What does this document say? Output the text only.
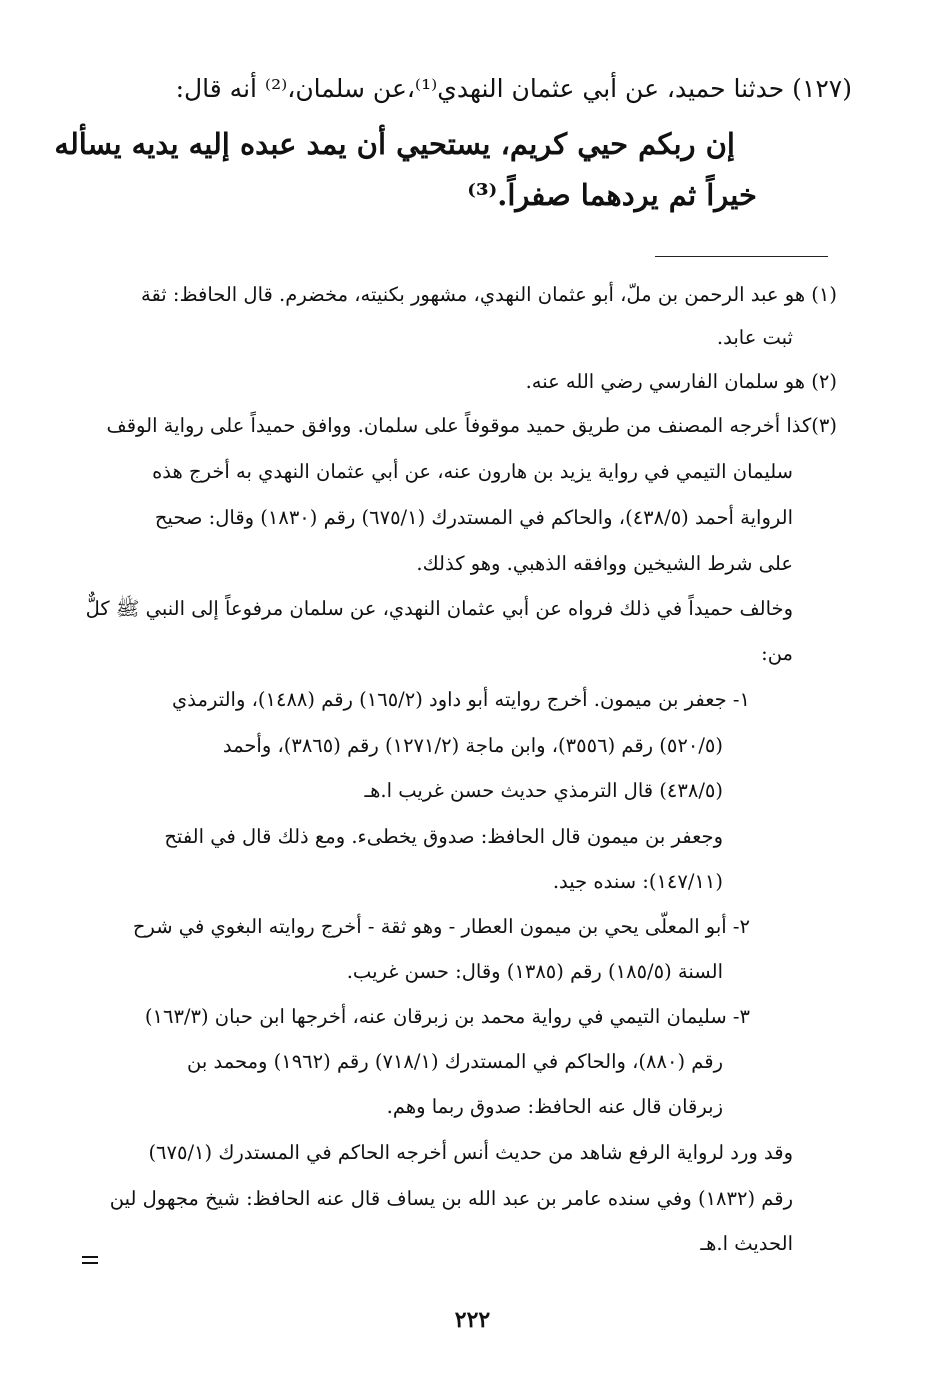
(١٢٧) حدثنا حميد، عن أبي عثمان النهدي⁽¹⁾،عن سلمان،⁽²⁾ أنه قال:
إن ربكم حيي كريم، يستحيي أن يمد عبده إليه يديه يسأله
خيراً ثم يردهما صفراً.⁽³⁾
(١) هو عبد الرحمن بن ملّ، أبو عثمان النهدي، مشهور بكنيته، مخضرم. قال الحافظ: ثقة
ثبت عابد.
(٢) هو سلمان الفارسي رضي الله عنه.
(٣)كذا أخرجه المصنف من طريق حميد موقوفاً على سلمان. ووافق حميداً على رواية الوقف
سليمان التيمي في رواية يزيد بن هارون عنه، عن أبي عثمان النهدي به أخرج هذه
الرواية أحمد (٤٣٨/٥)، والحاكم في المستدرك (٦٧٥/١) رقم (١٨٣٠) وقال: صحيح
على شرط الشيخين ووافقه الذهبي. وهو كذلك.
وخالف حميداً في ذلك فرواه عن أبي عثمان النهدي، عن سلمان مرفوعاً إلى النبي ﷺ كلٌّ
من:
١- جعفر بن ميمون. أخرج روايته أبو داود (١٦٥/٢) رقم (١٤٨٨)، والترمذي
(٥٢٠/٥) رقم (٣٥٥٦)، وابن ماجة (١٢٧١/٢) رقم (٣٨٦٥)، وأحمد
(٤٣٨/٥) قال الترمذي حديث حسن غريب ا.هـ
وجعفر بن ميمون قال الحافظ: صدوق يخطىء. ومع ذلك قال في الفتح
(١٤٧/١١): سنده جيد.
٢- أبو المعلّى يحي بن ميمون العطار - وهو ثقة - أخرج روايته البغوي في شرح
السنة (١٨٥/٥) رقم (١٣٨٥) وقال: حسن غريب.
٣- سليمان التيمي في رواية محمد بن زبرقان عنه، أخرجها ابن حبان (١٦٣/٣)
رقم (٨٨٠)، والحاكم في المستدرك (٧١٨/١) رقم (١٩٦٢) ومحمد بن
زبرقان قال عنه الحافظ: صدوق ربما وهم.
وقد ورد لرواية الرفع شاهد من حديث أنس أخرجه الحاكم في المستدرك (٦٧٥/١)
رقم (١٨٣٢) وفي سنده عامر بن عبد الله بن يساف قال عنه الحافظ: شيخ مجهول لين
الحديث ا.هـ
٢٢٢
